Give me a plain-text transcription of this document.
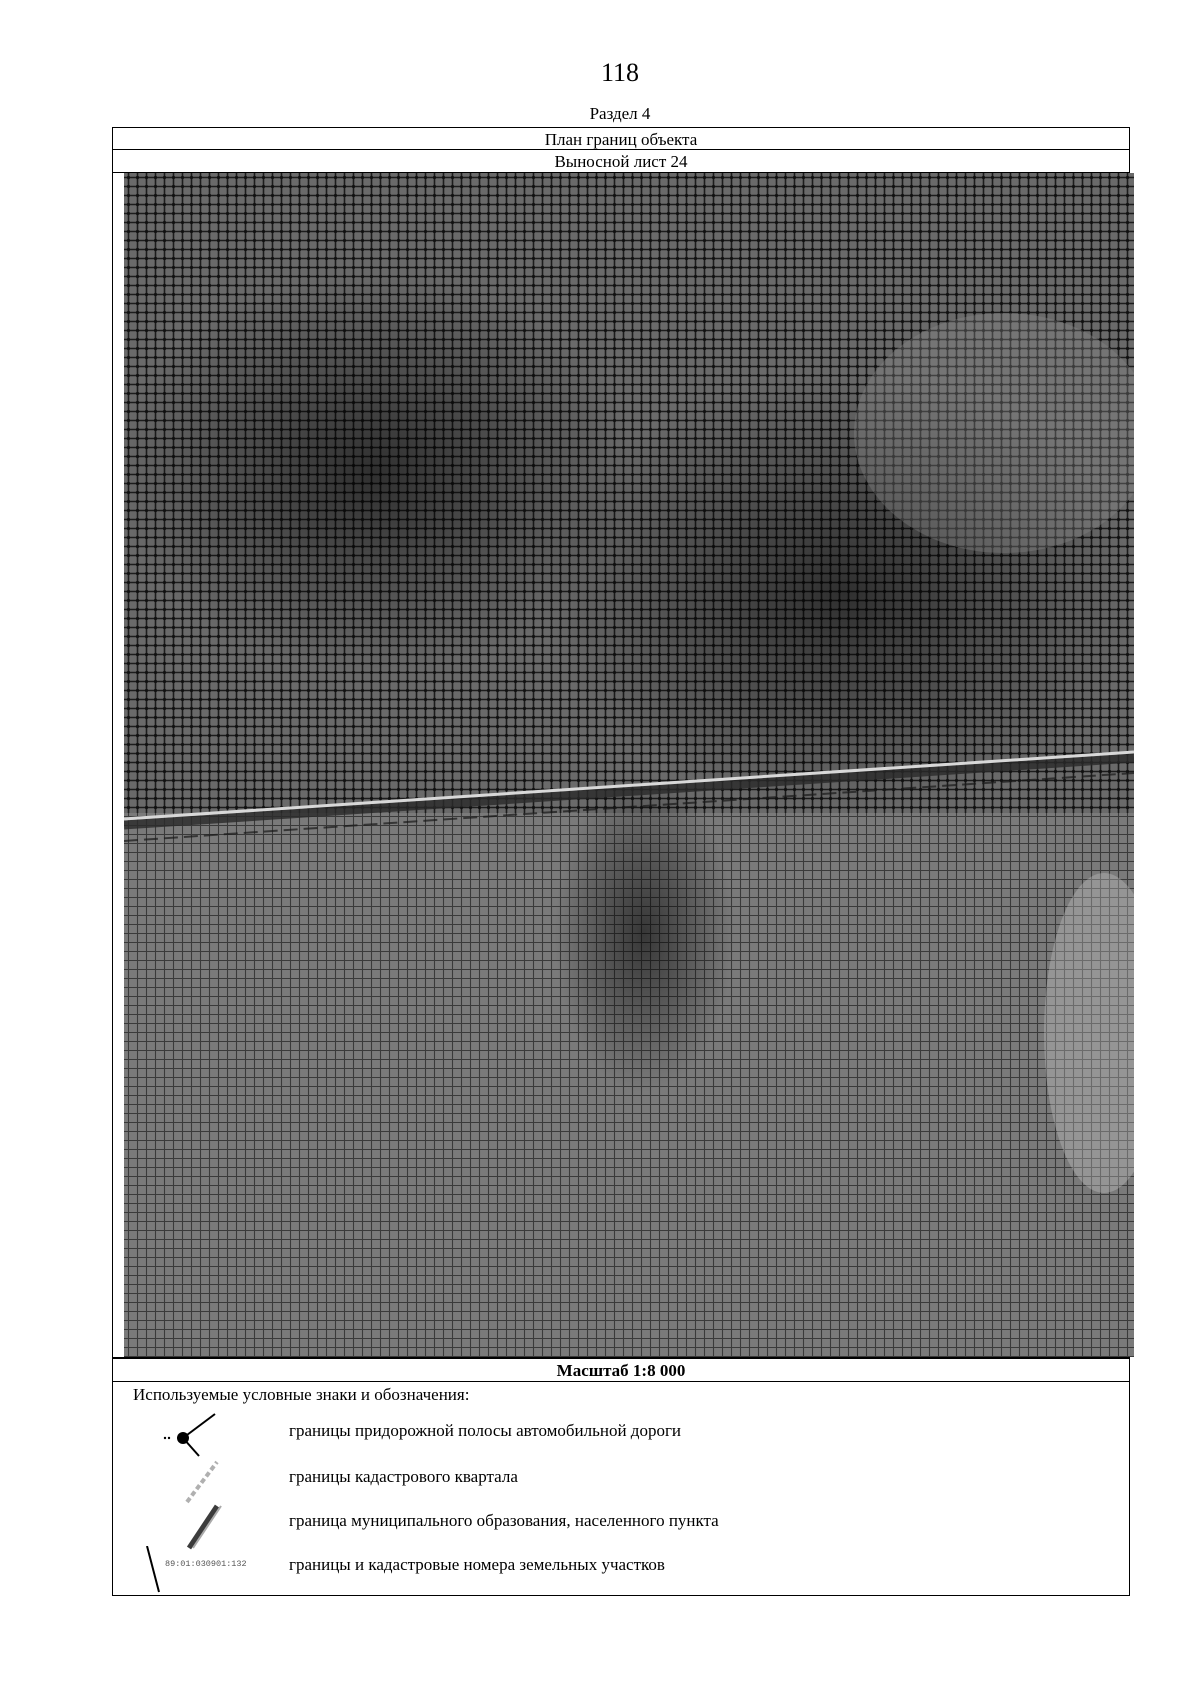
118
Раздел 4
План границ объекта
Выносной лист 24
Масштаб 1:8 000
Используемые условные знаки и обозначения:
границы придорожной полосы автомобильной дороги
границы кадастрового квартала
граница муниципального образования, населенного пункта
89:01:030901:132 границы и кадастровые номера земельных участков
